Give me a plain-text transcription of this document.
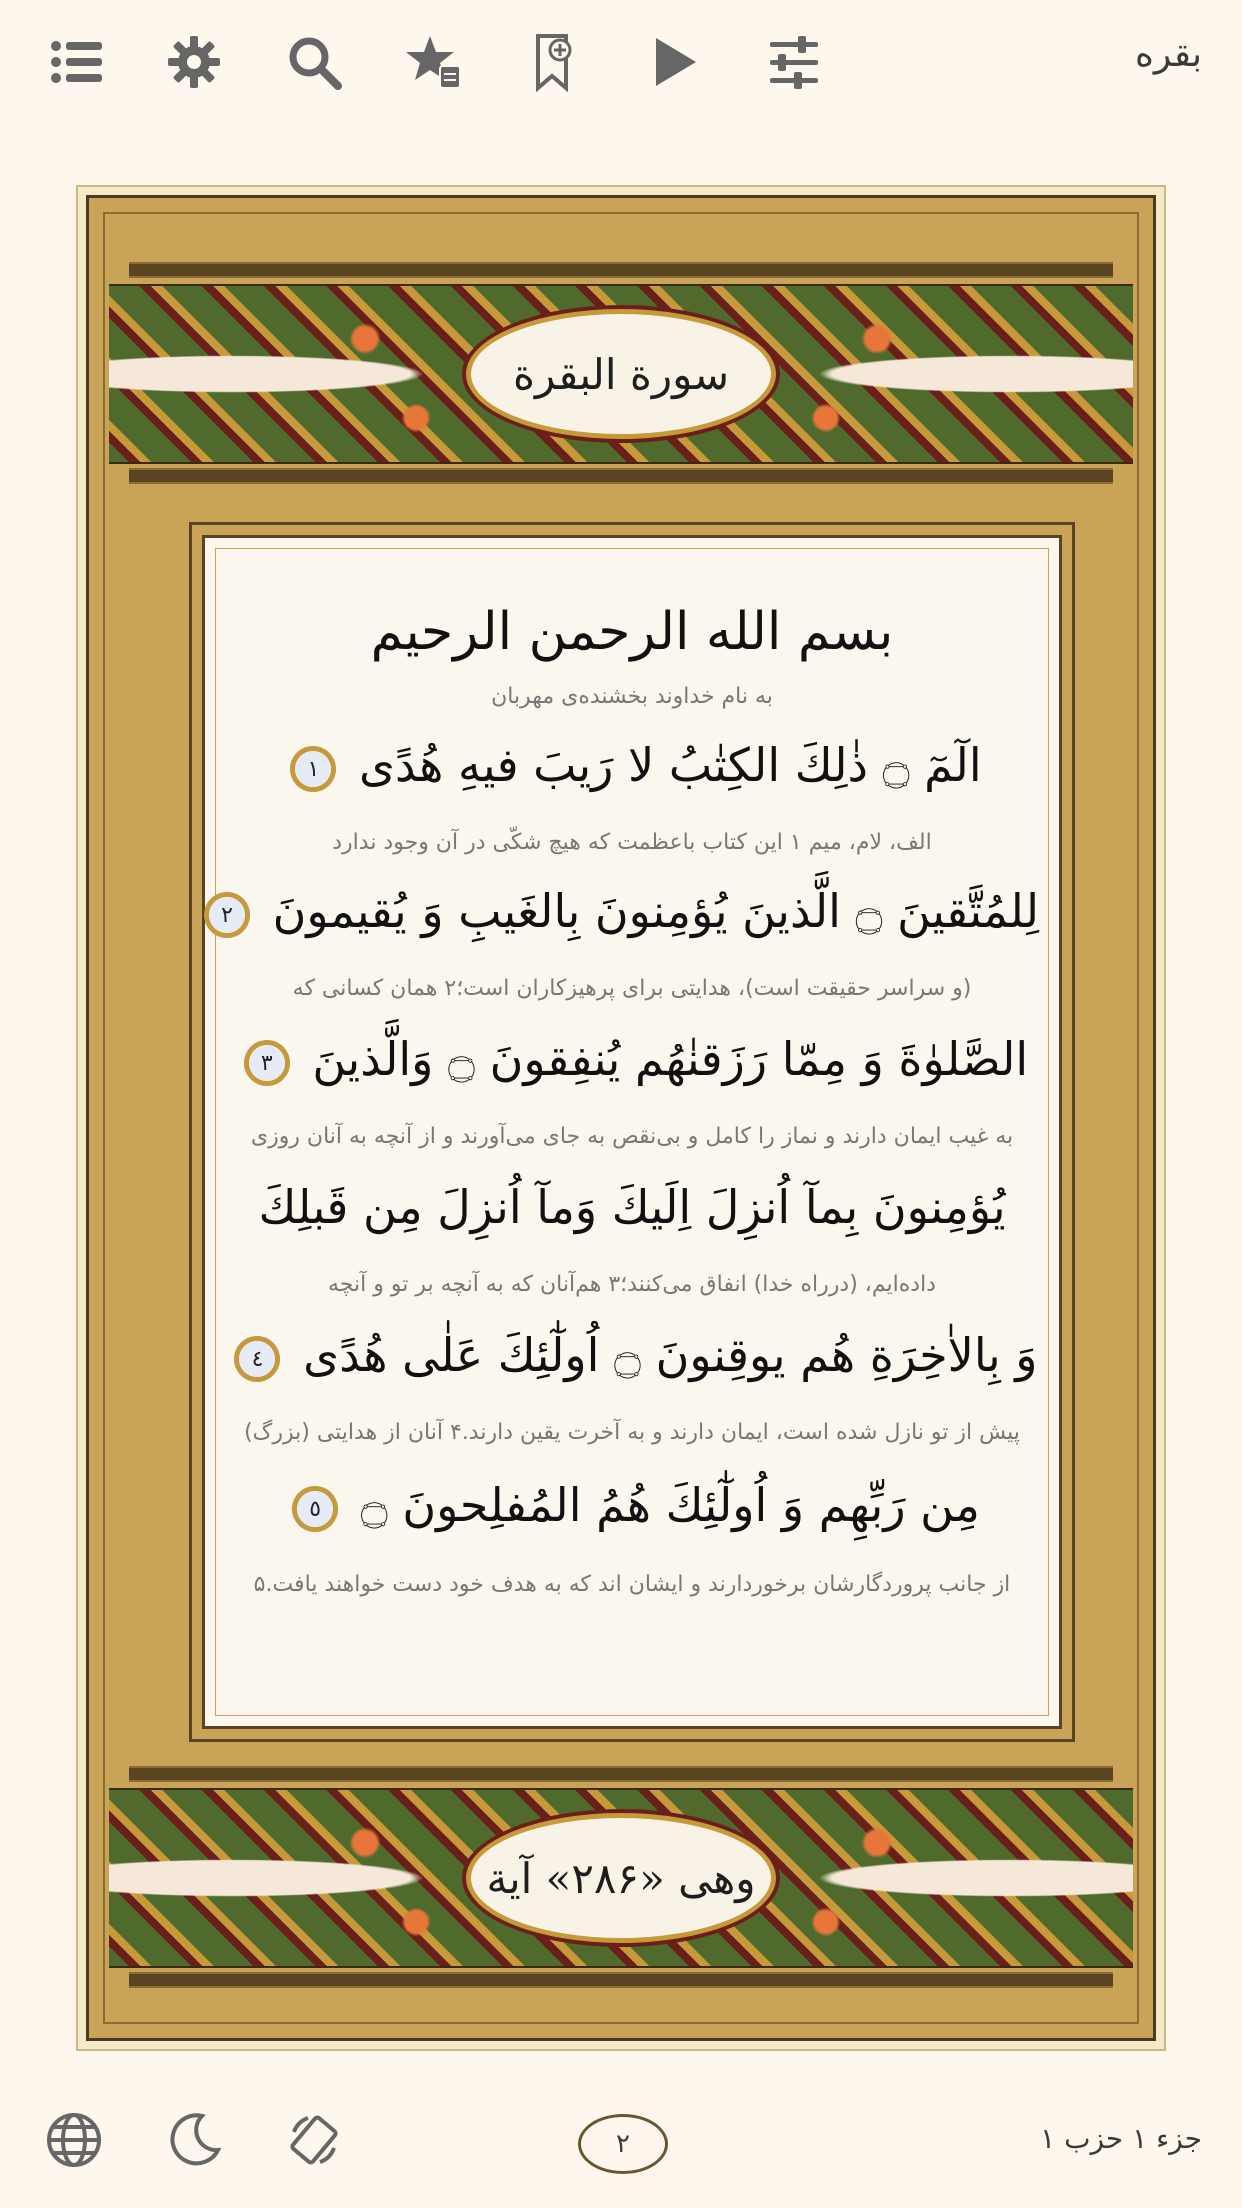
بقره
سورة البقرة
بسم الله الرحمن الرحيم
به نام خداوند بخشنده‌ی مهربان
الٓمٓ ۝ ذٰلِكَ الكِتٰبُ لا رَيبَ فيهِ هُدًى ١
الف، لام، میم ۱ این کتاب باعظمت که هیچ شکّی در آن وجود ندارد
لِلمُتَّقينَ ۝ الَّذينَ يُؤمِنونَ بِالغَيبِ وَ يُقيمونَ ٢
(و سراسر حقیقت است)، هدایتی برای پرهیزکاران است؛۲ همان کسانی که
الصَّلوٰةَ وَ مِمّا رَزَقنٰهُم يُنفِقونَ ۝ وَالَّذينَ ٣
به غیب ایمان دارند و نماز را کامل و بی‌نقص به جای می‌آورند و از آنچه به آنان روزی
يُؤمِنونَ بِمآ اُنزِلَ اِلَيكَ وَمآ اُنزِلَ مِن قَبلِكَ
داده‌ایم، (درراه خدا) انفاق می‌کنند؛۳ هم‌آنان که به آنچه بر تو و آنچه
وَ بِالاٰخِرَةِ هُم يوقِنونَ ۝ اُولٰٓئِكَ عَلٰى هُدًى ٤
پیش از تو نازل شده است، ایمان دارند و به آخرت یقین دارند.۴ آنان از هدایتی (بزرگ)
مِن رَبِّهِم وَ اُولٰٓئِكَ هُمُ المُفلِحونَ ۝ ٥
از جانب پروردگارشان برخوردارند و ایشان اند که به هدف خود دست خواهند یافت.۵
وهی «۲۸۶» آیة
۲	جزء ۱ حزب ۱
